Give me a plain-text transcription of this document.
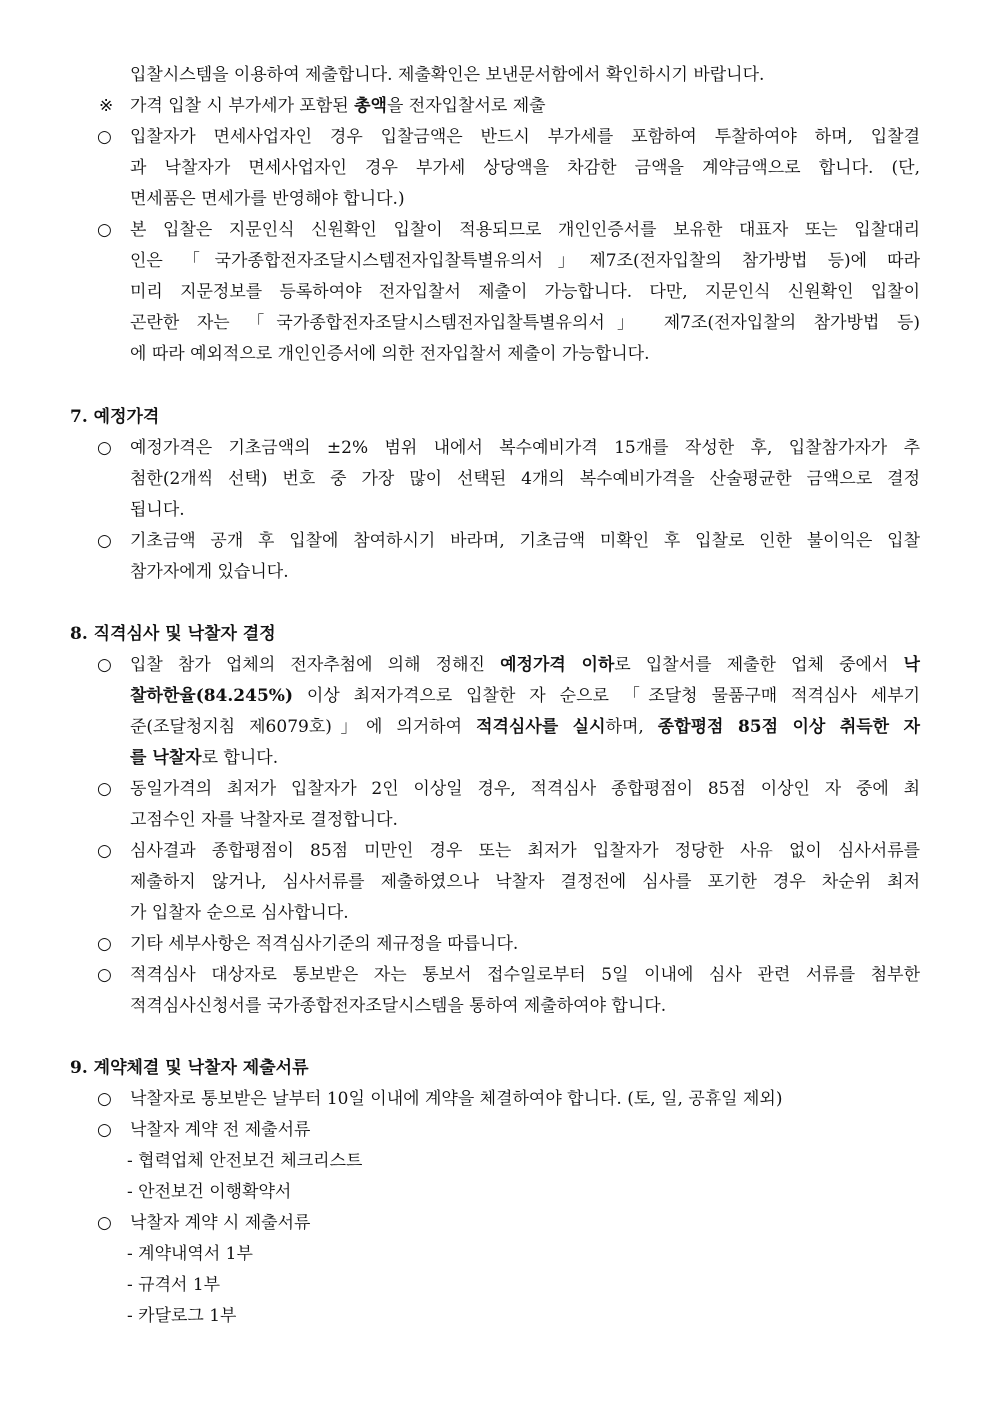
입찰시스템을 이용하여 제출합니다. 제출확인은 보낸문서함에서 확인하시기 바랍니다.
※ 가격 입찰 시 부가세가 포함된 총액을 전자입찰서로 제출
○ 입찰자가 면세사업자인 경우 입찰금액은 반드시 부가세를 포함하여 투찰하여야 하며, 입찰결
과 낙찰자가 면세사업자인 경우 부가세 상당액을 차감한 금액을 계약금액으로 합니다. (단,
면세품은 면세가를 반영해야 합니다.)
○ 본 입찰은 지문인식 신원확인 입찰이 적용되므로 개인인증서를 보유한 대표자 또는 입찰대리
인은 「국가종합전자조달시스템전자입찰특별유의서」제7조(전자입찰의 참가방법 등)에 따라
미리 지문정보를 등록하여야 전자입찰서 제출이 가능합니다. 다만, 지문인식 신원확인 입찰이
곤란한 자는 「국가종합전자조달시스템전자입찰특별유의서」 제7조(전자입찰의 참가방법 등)
에 따라 예외적으로 개인인증서에 의한 전자입찰서 제출이 가능합니다.
7. 예정가격
○ 예정가격은 기초금액의 ±2% 범위 내에서 복수예비가격 15개를 작성한 후, 입찰참가자가 추
첨한(2개씩 선택) 번호 중 가장 많이 선택된 4개의 복수예비가격을 산술평균한 금액으로 결정
됩니다.
○ 기초금액 공개 후 입찰에 참여하시기 바라며, 기초금액 미확인 후 입찰로 인한 불이익은 입찰
참가자에게 있습니다.
8. 직격심사 및 낙찰자 결정
○ 입찰 참가 업체의 전자추첨에 의해 정해진 예정가격 이하로 입찰서를 제출한 업체 중에서 낙
찰하한율(84.245%) 이상 최저가격으로 입찰한 자 순으로 「조달청 물품구매 적격심사 세부기
준(조달청지침 제6079호)」에 의거하여 적격심사를 실시하며, 종합평점 85점 이상 취득한 자
를 낙찰자로 합니다.
○ 동일가격의 최저가 입찰자가 2인 이상일 경우, 적격심사 종합평점이 85점 이상인 자 중에 최
고점수인 자를 낙찰자로 결정합니다.
○ 심사결과 종합평점이 85점 미만인 경우 또는 최저가 입찰자가 정당한 사유 없이 심사서류를
제출하지 않거나, 심사서류를 제출하였으나 낙찰자 결정전에 심사를 포기한 경우 차순위 최저
가 입찰자 순으로 심사합니다.
○ 기타 세부사항은 적격심사기준의 제규정을 따릅니다.
○ 적격심사 대상자로 통보받은 자는 통보서 접수일로부터 5일 이내에 심사 관련 서류를 첨부한
적격심사신청서를 국가종합전자조달시스템을 통하여 제출하여야 합니다.
9. 계약체결 및 낙찰자 제출서류
○ 낙찰자로 통보받은 날부터 10일 이내에 계약을 체결하여야 합니다. (토, 일, 공휴일 제외)
○ 낙찰자 계약 전 제출서류
- 협력업체 안전보건 체크리스트
- 안전보건 이행확약서
○ 낙찰자 계약 시 제출서류
- 계약내역서 1부
- 규격서 1부
- 카달로그 1부
